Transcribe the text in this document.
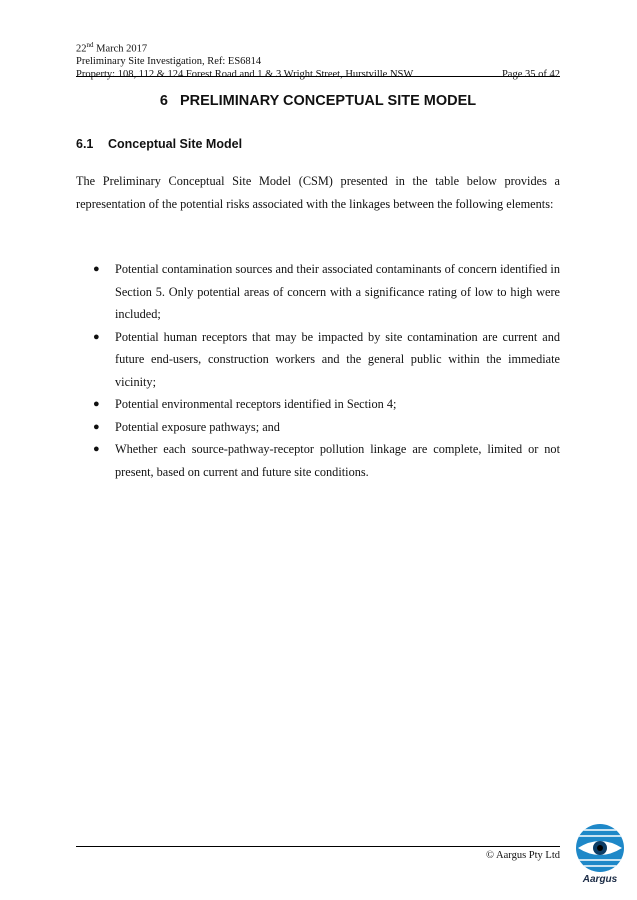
22nd March 2017
Preliminary Site Investigation, Ref: ES6814
Property: 108, 112 & 124 Forest Road and 1 & 3 Wright Street, Hurstville NSW	Page 35 of 42
6 PRELIMINARY CONCEPTUAL SITE MODEL
6.1 Conceptual Site Model
The Preliminary Conceptual Site Model (CSM) presented in the table below provides a representation of the potential risks associated with the linkages between the following elements:
● Potential contamination sources and their associated contaminants of concern identified in Section 5. Only potential areas of concern with a significance rating of low to high were included;
● Potential human receptors that may be impacted by site contamination are current and future end-users, construction workers and the general public within the immediate vicinity;
● Potential environmental receptors identified in Section 4;
● Potential exposure pathways; and
● Whether each source-pathway-receptor pollution linkage are complete, limited or not present, based on current and future site conditions.
© Aargus Pty Ltd
Aargus
